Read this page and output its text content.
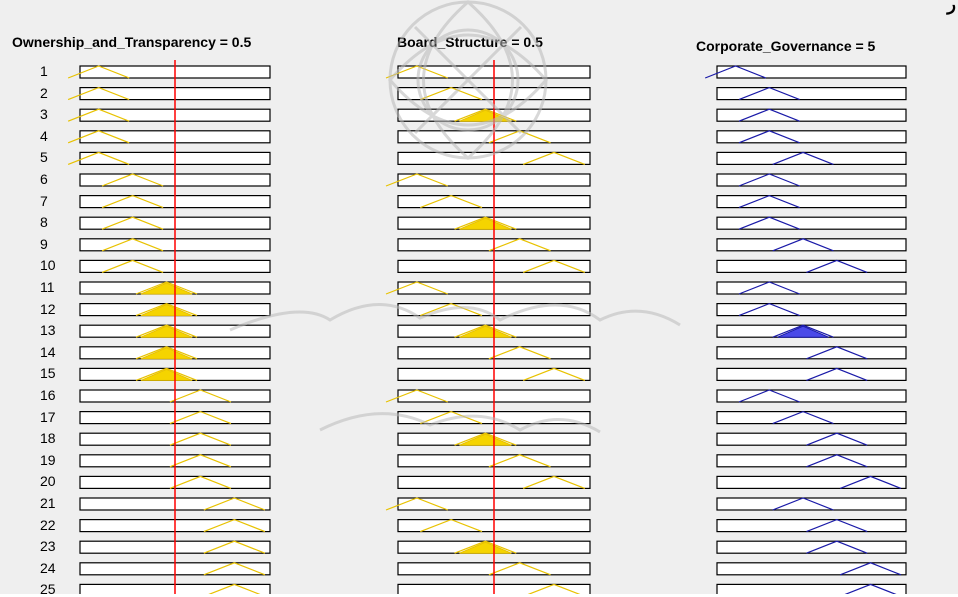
Ownership_and_Transparency = 0.5	Board_Structure = 0.5	Corporate_Governance = 5
ر
1
2
3
4
5
6
7
8
9
10
11
12
13
14
15
16
17
18
19
20
21
22
23
24
25
